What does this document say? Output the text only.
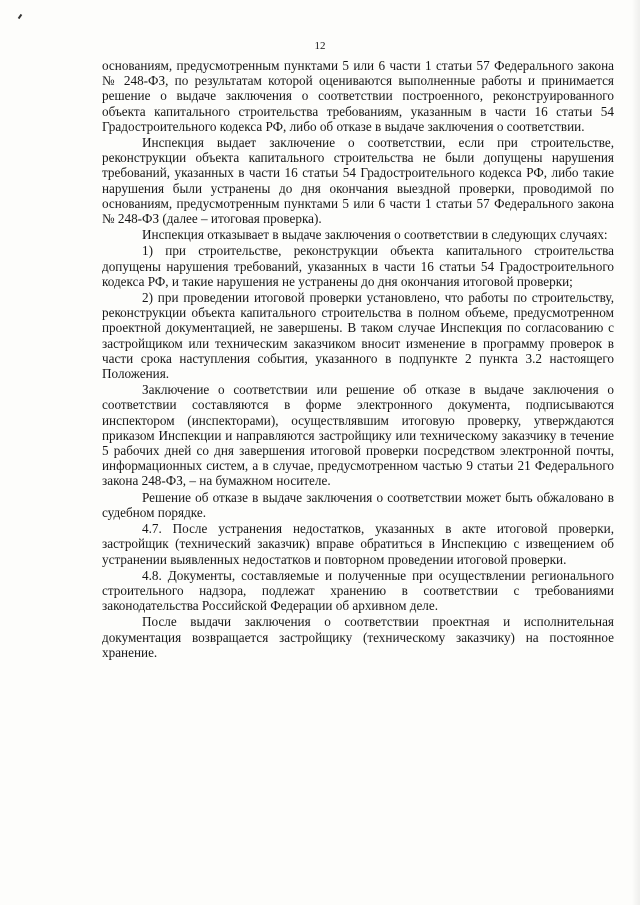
12

основаниям, предусмотренным пунктами 5 или 6 части 1 статьи 57 Федерального закона № 248-ФЗ, по результатам которой оцениваются выполненные работы и принимается решение о выдаче заключения о соответствии построенного, реконструированного объекта капитального строительства требованиям, указанным в части 16 статьи 54 Градостроительного кодекса РФ, либо об отказе в выдаче заключения о соответствии.

Инспекция выдает заключение о соответствии, если при строительстве, реконструкции объекта капитального строительства не были допущены нарушения требований, указанных в части 16 статьи 54 Градостроительного кодекса РФ, либо такие нарушения были устранены до дня окончания выездной проверки, проводимой по основаниям, предусмотренным пунктами 5 или 6 части 1 статьи 57 Федерального закона № 248-ФЗ (далее – итоговая проверка).

Инспекция отказывает в выдаче заключения о соответствии в следующих случаях:

1) при строительстве, реконструкции объекта капитального строительства допущены нарушения требований, указанных в части 16 статьи 54 Градостроительного кодекса РФ, и такие нарушения не устранены до дня окончания итоговой проверки;

2) при проведении итоговой проверки установлено, что работы по строительству, реконструкции объекта капитального строительства в полном объеме, предусмотренном проектной документацией, не завершены. В таком случае Инспекция по согласованию с застройщиком или техническим заказчиком вносит изменение в программу проверок в части срока наступления события, указанного в подпункте 2 пункта 3.2 настоящего Положения.

Заключение о соответствии или решение об отказе в выдаче заключения о соответствии составляются в форме электронного документа, подписываются инспектором (инспекторами), осуществлявшим итоговую проверку, утверждаются приказом Инспекции и направляются застройщику или техническому заказчику в течение 5 рабочих дней со дня завершения итоговой проверки посредством электронной почты, информационных систем, а в случае, предусмотренном частью 9 статьи 21 Федерального закона 248-ФЗ, – на бумажном носителе.

Решение об отказе в выдаче заключения о соответствии может быть обжаловано в судебном порядке.

4.7. После устранения недостатков, указанных в акте итоговой проверки, застройщик (технический заказчик) вправе обратиться в Инспекцию с извещением об устранении выявленных недостатков и повторном проведении итоговой проверки.

4.8. Документы, составляемые и полученные при осуществлении регионального строительного надзора, подлежат хранению в соответствии с требованиями законодательства Российской Федерации об архивном деле.

После выдачи заключения о соответствии проектная и исполнительная документация возвращается застройщику (техническому заказчику) на постоянное хранение.
